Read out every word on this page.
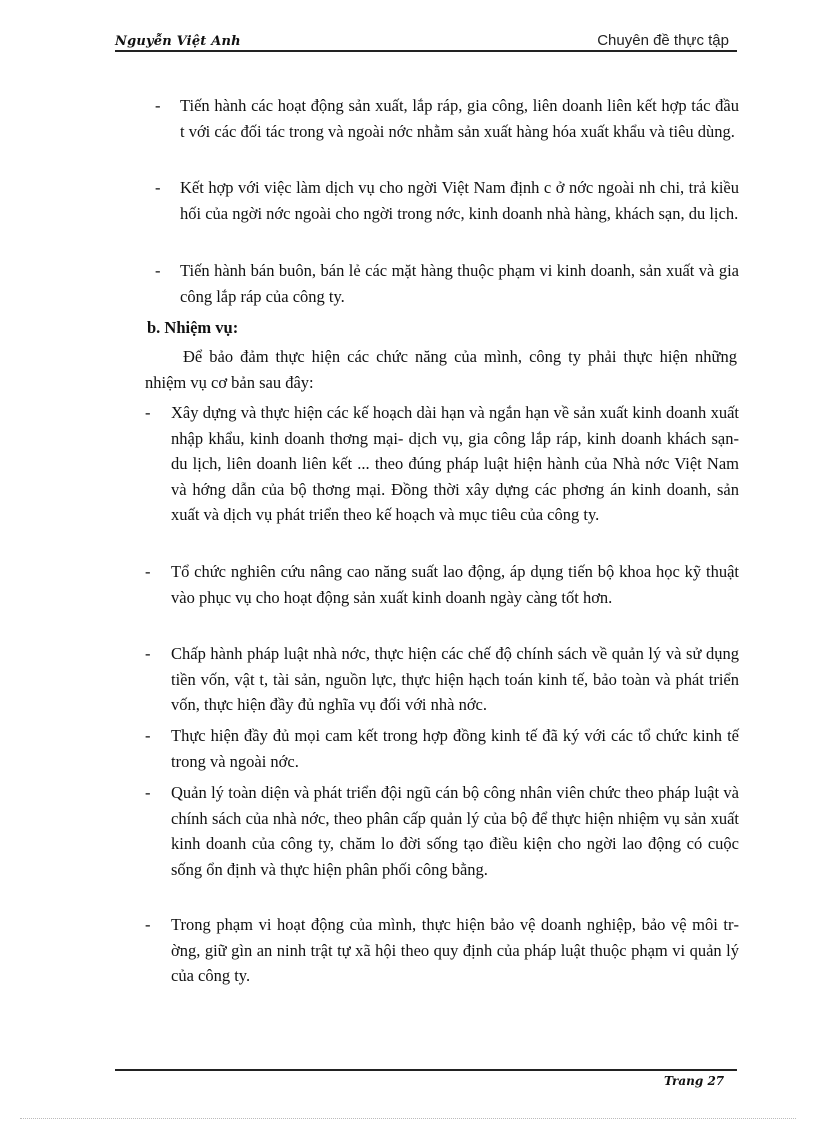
Nguyễn Việt Anh	Chuyên đề thực tập
- Tiến hành các hoạt động sản xuất, lắp ráp, gia công, liên doanh liên kết hợp tác đầu t với các đối tác trong và ngoài nớc nhằm sản xuất hàng hóa xuất khẩu và tiêu dùng.
- Kết hợp với việc làm dịch vụ cho ngời Việt Nam định c ở nớc ngoài nh chi, trả kiều hối của ngời nớc ngoài cho ngời trong nớc, kinh doanh nhà hàng, khách sạn, du lịch.
- Tiến hành bán buôn, bán lẻ các mặt hàng thuộc phạm vi kinh doanh, sản xuất và gia công lắp ráp của công ty.
b. Nhiệm vụ:
Để bảo đảm thực hiện các chức năng của mình, công ty phải thực hiện những nhiệm vụ cơ bản sau đây:
- Xây dựng và thực hiện các kế hoạch dài hạn và ngắn hạn về sản xuất kinh doanh xuất nhập khẩu, kinh doanh thơng mại- dịch vụ, gia công lắp ráp, kinh doanh khách sạn- du lịch, liên doanh liên kết ... theo đúng pháp luật hiện hành của Nhà nớc Việt Nam và hớng dẫn của bộ thơng mại. Đồng thời xây dựng các phơng án kinh doanh, sản xuất và dịch vụ phát triển theo kế hoạch và mục tiêu của công ty.
- Tổ chức nghiên cứu nâng cao năng suất lao động, áp dụng tiến bộ khoa học kỹ thuật vào phục vụ cho hoạt động sản xuất kinh doanh ngày càng tốt hơn.
- Chấp hành pháp luật nhà nớc, thực hiện các chế độ chính sách về quản lý và sử dụng tiền vốn, vật t, tài sản, nguồn lực, thực hiện hạch toán kinh tế, bảo toàn và phát triển vốn, thực hiện đầy đủ nghĩa vụ đối với nhà nớc.
- Thực hiện đầy đủ mọi cam kết trong hợp đồng kinh tế đã ký với các tổ chức kinh tế trong và ngoài nớc.
- Quản lý toàn diện và phát triển đội ngũ cán bộ công nhân viên chức theo pháp luật và chính sách của nhà nớc, theo phân cấp quản lý của bộ để thực hiện nhiệm vụ sản xuất kinh doanh của công ty, chăm lo đời sống tạo điều kiện cho ngời lao động có cuộc sống ổn định và thực hiện phân phối công bằng.
- Trong phạm vi hoạt động của mình, thực hiện bảo vệ doanh nghiệp, bảo vệ môi trờng, giữ gìn an ninh trật tự xã hội theo quy định của pháp luật thuộc phạm vi quản lý của công ty.
Trang 27
